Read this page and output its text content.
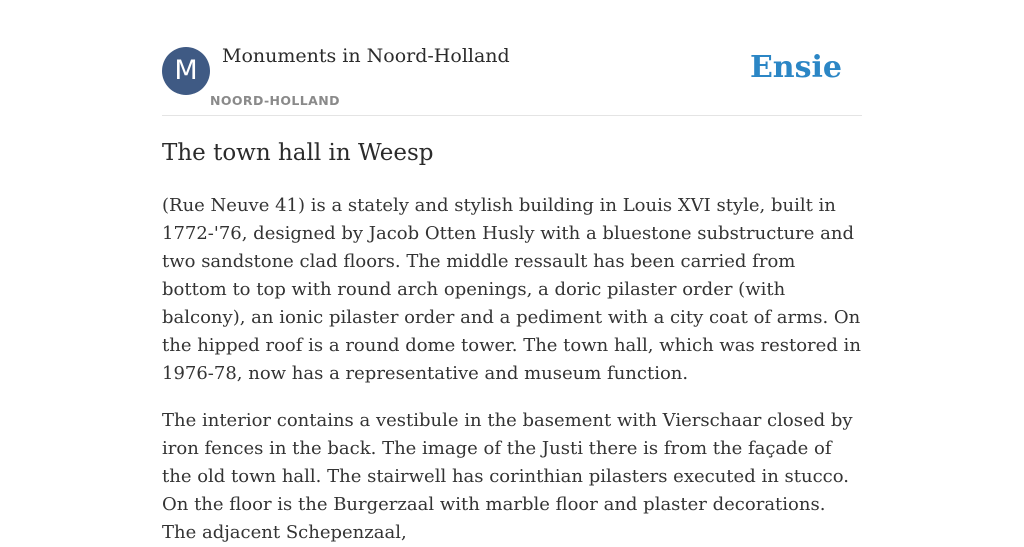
M	Monuments in Noord-Holland
NOORD-HOLLAND
Ensie
The town hall in Weesp

(Rue Neuve 41) is a stately and stylish building in Louis XVI style, built in 1772-'76, designed by Jacob Otten Husly with a bluestone substructure and two sandstone clad floors. The middle ressault has been carried from bottom to top with round arch openings, a doric pilaster order (with balcony), an ionic pilaster order and a pediment with a city coat of arms. On the hipped roof is a round dome tower. The town hall, which was restored in 1976-78, now has a representative and museum function.

The interior contains a vestibule in the basement with Vierschaar closed by iron fences in the back. The image of the Justi there is from the façade of the old town hall. The stairwell has corinthian pilasters executed in stucco. On the floor is the Burgerzaal with marble floor and plaster decorations. The adjacent Schepenzaal,
